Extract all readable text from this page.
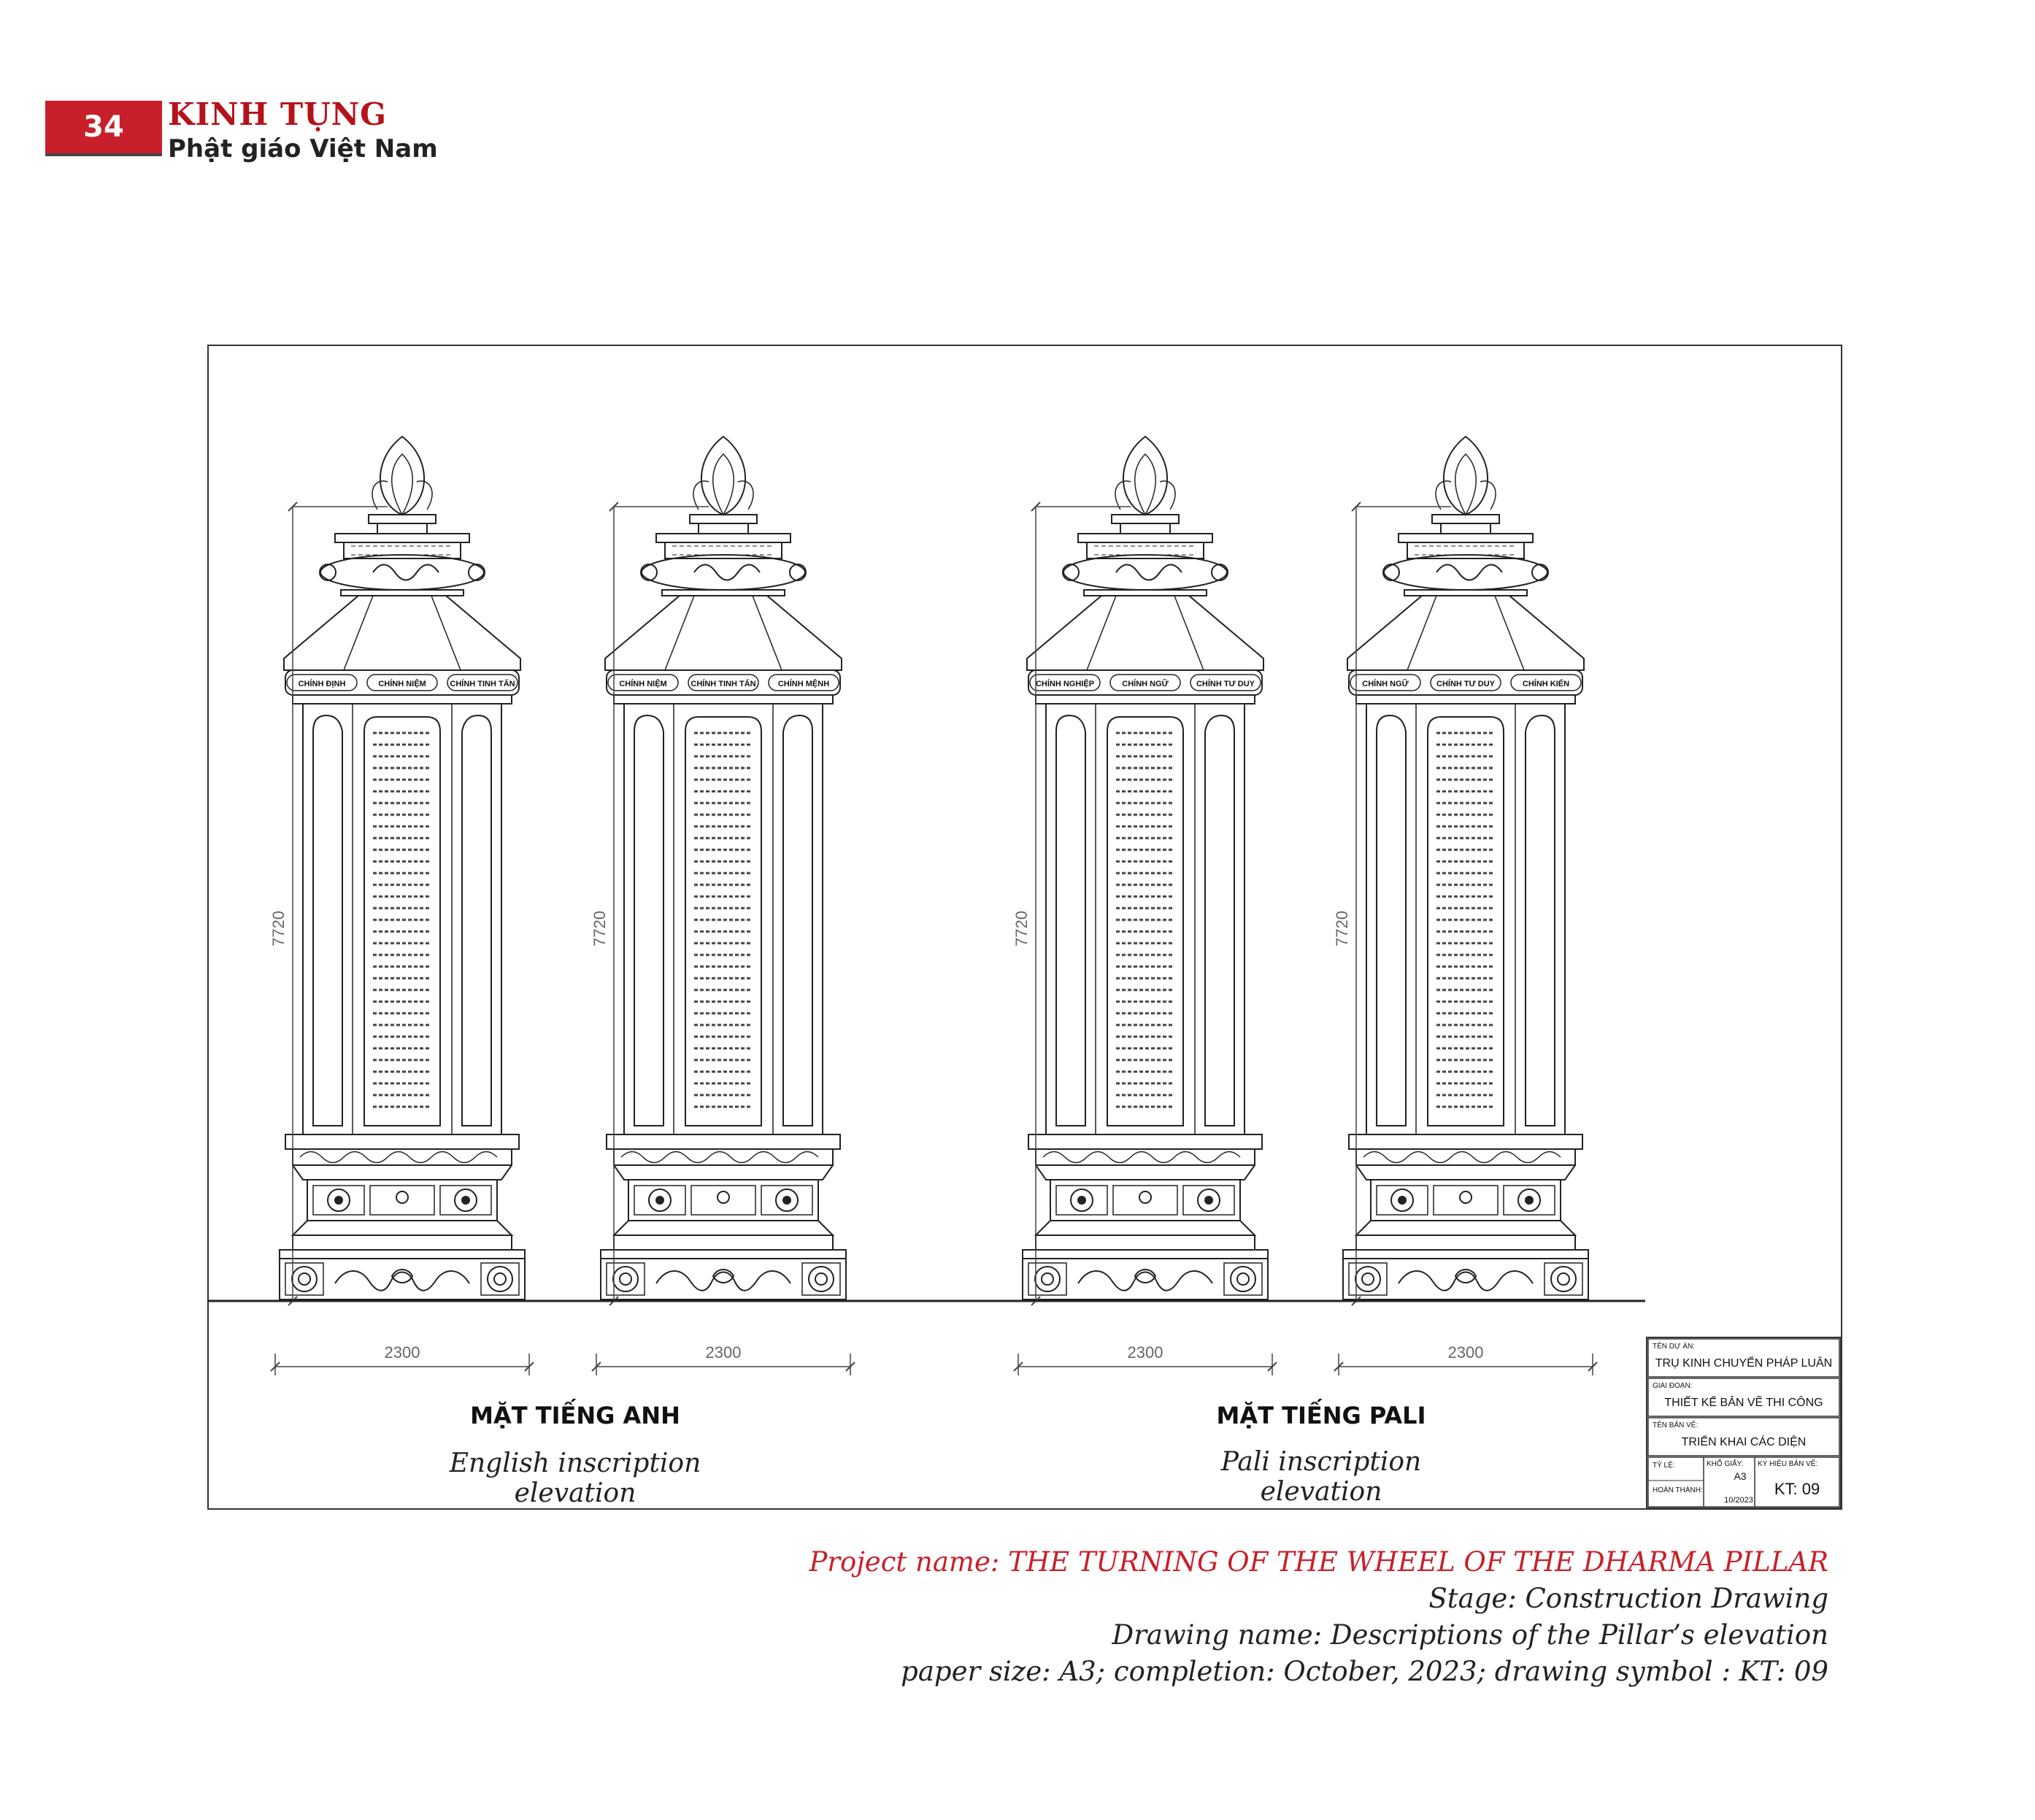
34 KINH TỤNG
Phật giáo Việt Nam
CHÍNH ĐỊNH	CHÍNH NIỆM	CHÍNH TINH TẤN	CHÍNH NIỆM	CHÍNH TINH TẤN	CHÍNH MỆNH	CHÍNH NGHIỆP	CHÍNH NGỮ	CHÍNH TƯ DUY	CHÍNH NGỮ	CHÍNH TƯ DUY	CHÍNH KIẾN
7720
2300
7720
2300
7720
2300
7720
2300	TÊN DỰ ÁN:
TRỤ KINH CHUYỂN PHÁP LUÂN
GIAI ĐOẠN:
THIẾT KẾ BẢN VẼ THI CÔNG
TÊN BẢN VẼ:
TRIỂN KHAI CÁC DIỆN
TỶ LỆ:
HOÀN THÀNH:
KHỔ GIẤY:
A3
10/2023
KÝ HIỆU BẢN VẼ:
KT: 09
MẶT TIẾNG ANH
English inscription elevation
MẶT TIẾNG PALI
Pali inscription elevation
Project name: THE TURNING OF THE WHEEL OF THE DHARMA PILLAR
Stage: Construction Drawing
Drawing name: Descriptions of the Pillar’s elevation
paper size: A3; completion: October, 2023; drawing symbol : KT: 09
